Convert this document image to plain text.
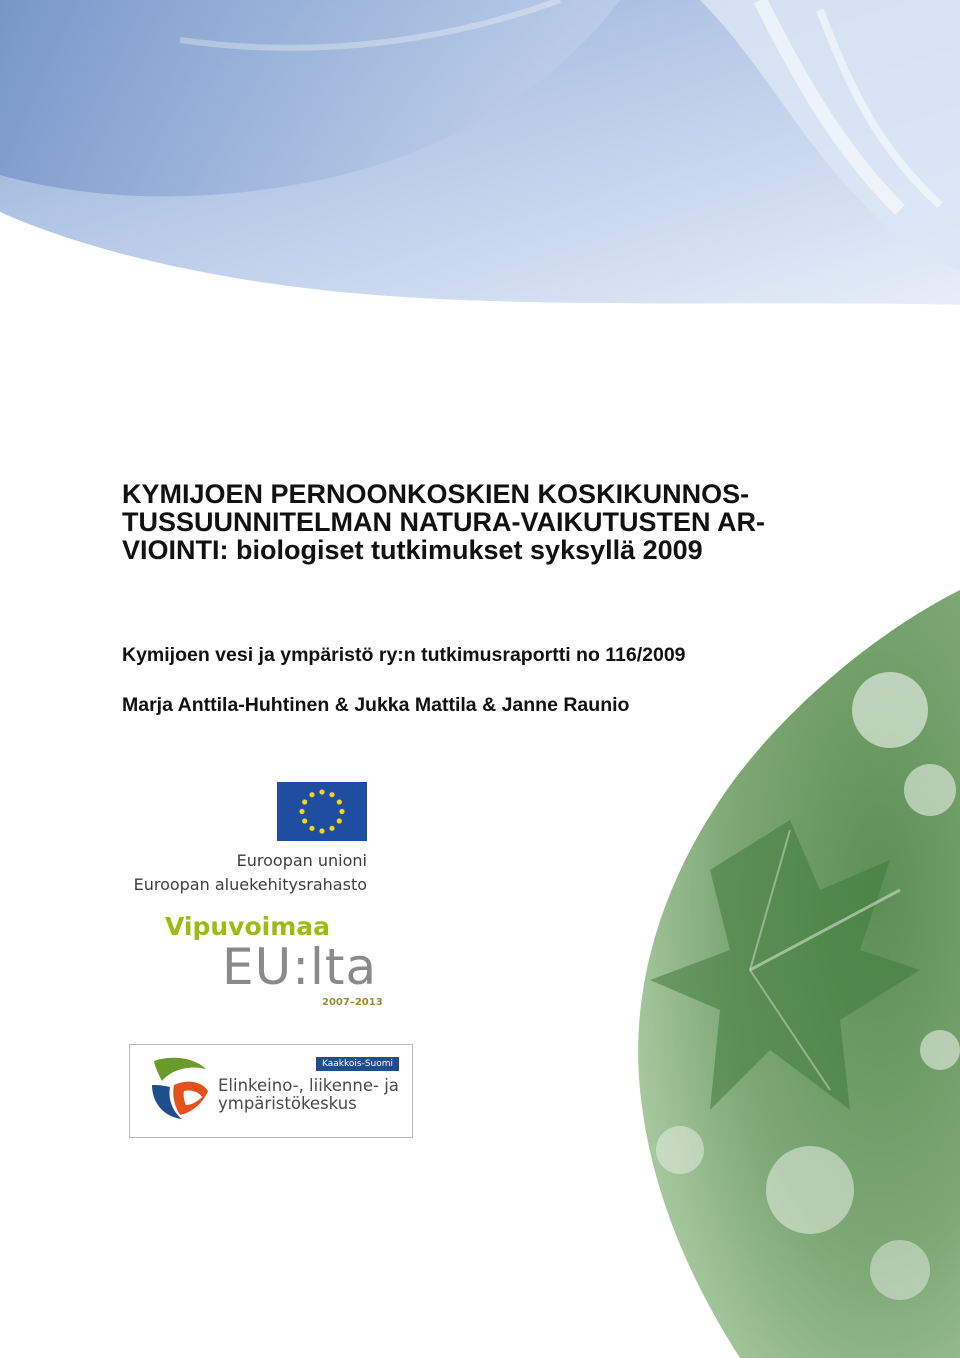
KYMIJOEN PERNOONKOSKIEN KOSKIKUNNOS-
TUSSUUNNITELMAN NATURA-VAIKUTUSTEN AR-
VIOINTI: biologiset tutkimukset syksyllä 2009

Kymijoen vesi ja ympäristö ry:n tutkimusraportti no 116/2009

Marja Anttila-Huhtinen & Jukka Mattila & Janne Raunio

Euroopan unioni
Euroopan aluekehitysrahasto
Vipuvoimaa
EU:lta
2007–2013
Kaakkois-Suomi
Elinkeino-, liikenne- ja
ympäristökeskus
